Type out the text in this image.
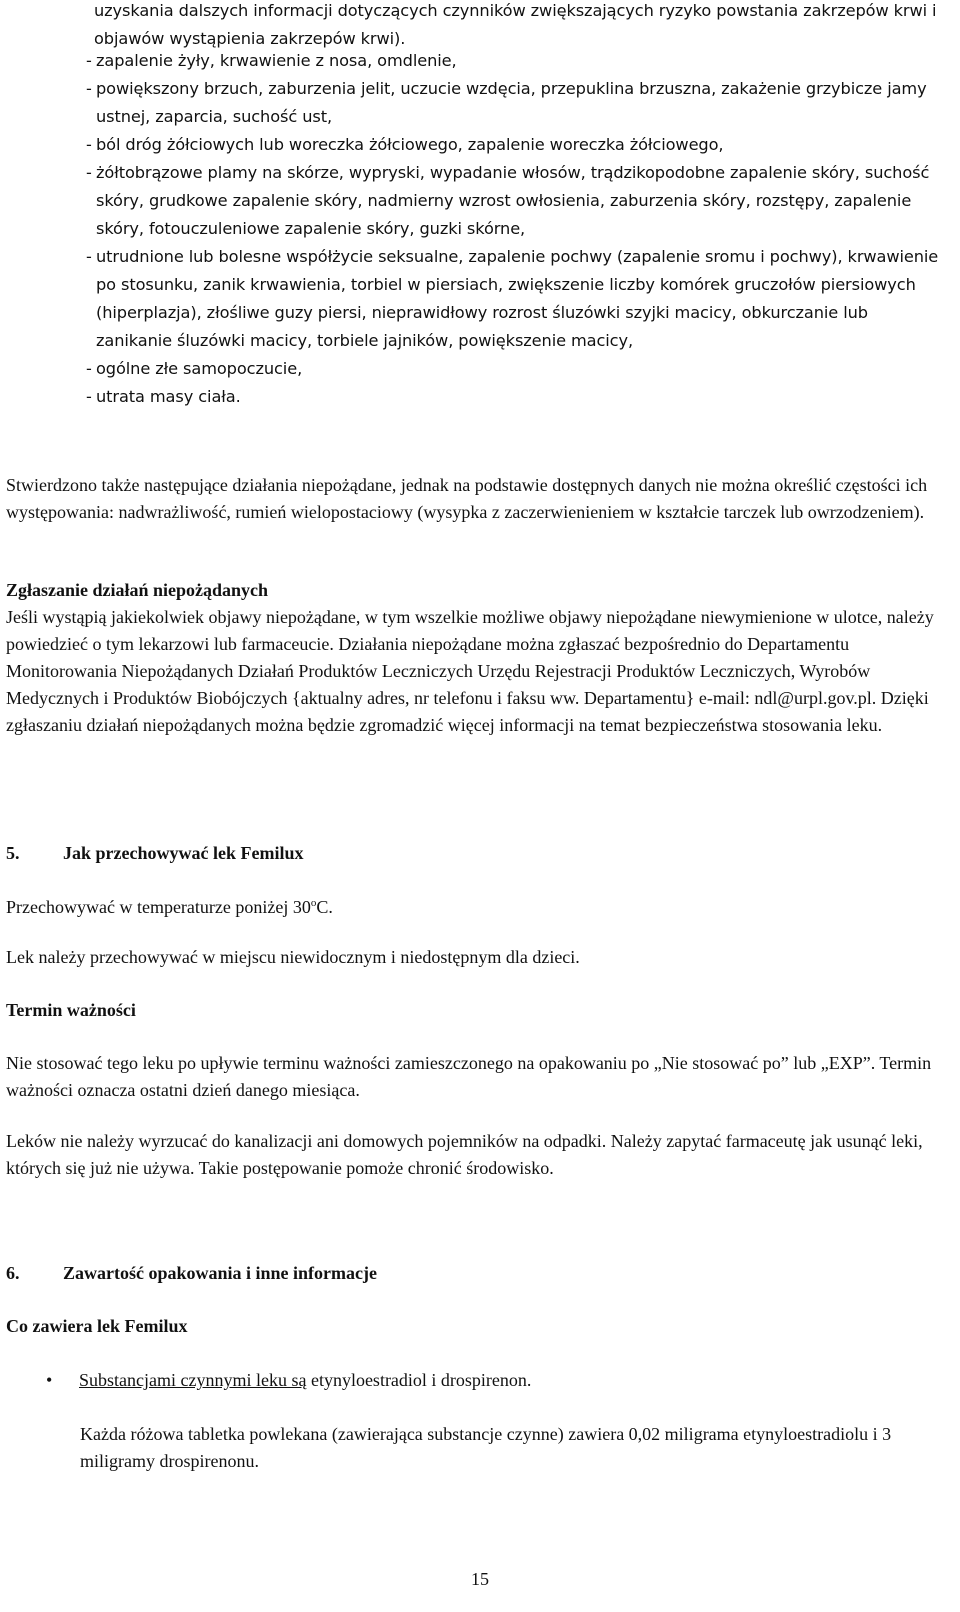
uzyskania dalszych informacji dotyczących czynników zwiększających ryzyko powstania zakrzepów krwi i objawów wystąpienia zakrzepów krwi).

- zapalenie żyły, krwawienie z nosa, omdlenie,
- powiększony brzuch, zaburzenia jelit, uczucie wzdęcia, przepuklina brzuszna, zakażenie grzybicze jamy ustnej, zaparcia, suchość ust,
- ból dróg żółciowych lub woreczka żółciowego, zapalenie woreczka żółciowego,
- żółtobrązowe plamy na skórze, wypryski, wypadanie włosów, trądzikopodobne zapalenie skóry, suchość skóry, grudkowe zapalenie skóry, nadmierny wzrost owłosienia, zaburzenia skóry, rozstępy, zapalenie skóry, fotouczuleniowe zapalenie skóry, guzki skórne,
- utrudnione lub bolesne współżycie seksualne, zapalenie pochwy (zapalenie sromu i pochwy), krwawienie po stosunku, zanik krwawienia, torbiel w piersiach, zwiększenie liczby komórek gruczołów piersiowych (hiperplazja), złośliwe guzy piersi, nieprawidłowy rozrost śluzówki szyjki macicy, obkurczanie lub zanikanie śluzówki macicy, torbiele jajników, powiększenie macicy,
- ogólne złe samopoczucie,
- utrata masy ciała.

Stwierdzono także następujące działania niepożądane, jednak na podstawie dostępnych danych nie można określić częstości ich występowania: nadwrażliwość, rumień wielopostaciowy (wysypka z zaczerwienieniem w kształcie tarczek lub owrzodzeniem).

Zgłaszanie działań niepożądanych

Jeśli wystąpią jakiekolwiek objawy niepożądane, w tym wszelkie możliwe objawy niepożądane niewymienione w ulotce, należy powiedzieć o tym lekarzowi lub farmaceucie. Działania niepożądane można zgłaszać bezpośrednio do Departamentu Monitorowania Niepożądanych Działań Produktów Leczniczych Urzędu Rejestracji Produktów Leczniczych, Wyrobów Medycznych i Produktów Biobójczych {aktualny adres, nr telefonu i faksu ww. Departamentu} e-mail: ndl@urpl.gov.pl. Dzięki zgłaszaniu działań niepożądanych można będzie zgromadzić więcej informacji na temat bezpieczeństwa stosowania leku.

5. Jak przechowywać lek Femilux

Przechowywać w temperaturze poniżej 30$^o$C.

Lek należy przechowywać w miejscu niewidocznym i niedostępnym dla dzieci.

Termin ważności

Nie stosować tego leku po upływie terminu ważności zamieszczonego na opakowaniu po „Nie stosować po” lub „EXP”. Termin ważności oznacza ostatni dzień danego miesiąca.

Leków nie należy wyrzucać do kanalizacji ani domowych pojemników na odpadki. Należy zapytać farmaceutę jak usunąć leki, których się już nie używa. Takie postępowanie pomoże chronić środowisko.

6. Zawartość opakowania i inne informacje

Co zawiera lek Femilux

• Substancjami czynnymi leku są etynyloestradiol i drospirenon.

Każda różowa tabletka powlekana (zawierająca substancje czynne) zawiera 0,02 miligrama etynyloestradiolu i 3 miligramy drospirenonu.

15
